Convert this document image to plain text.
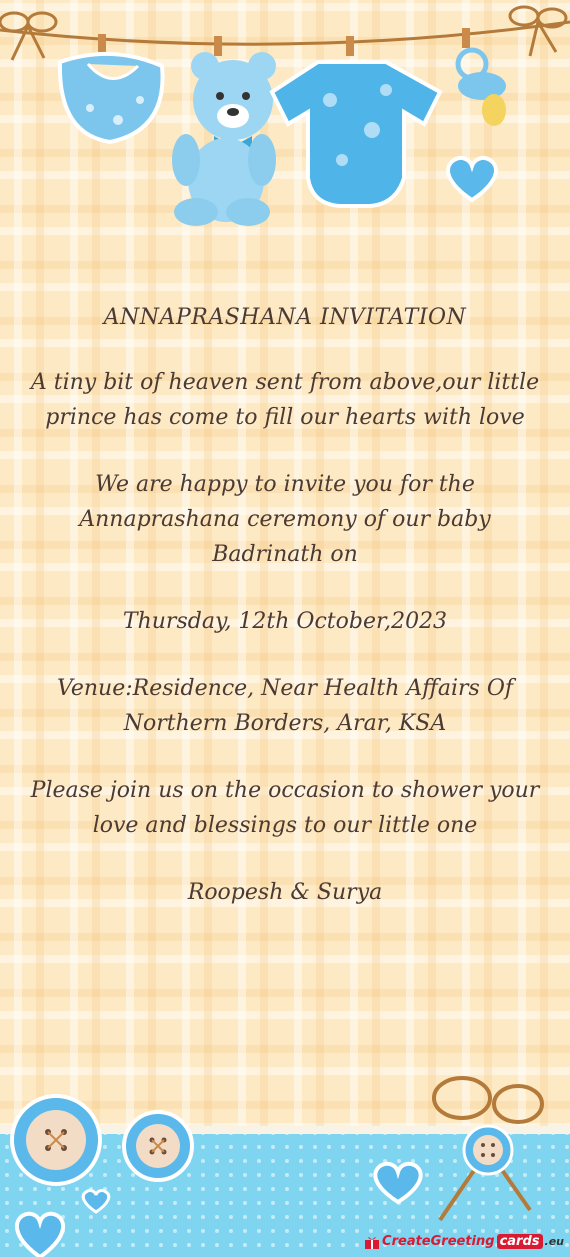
ANNAPRASHANA INVITATION

A tiny bit of heaven sent from above,our little prince has come to fill our hearts with love

We are happy to invite you for the Annaprashana ceremony of our baby Badrinath on

Thursday, 12th October,2023

Venue:Residence, Near Health Affairs Of Northern Borders, Arar, KSA

Please join us on the occasion to shower your love and blessings to our little one

Roopesh & Surya

CreateGreeting cards .eu
